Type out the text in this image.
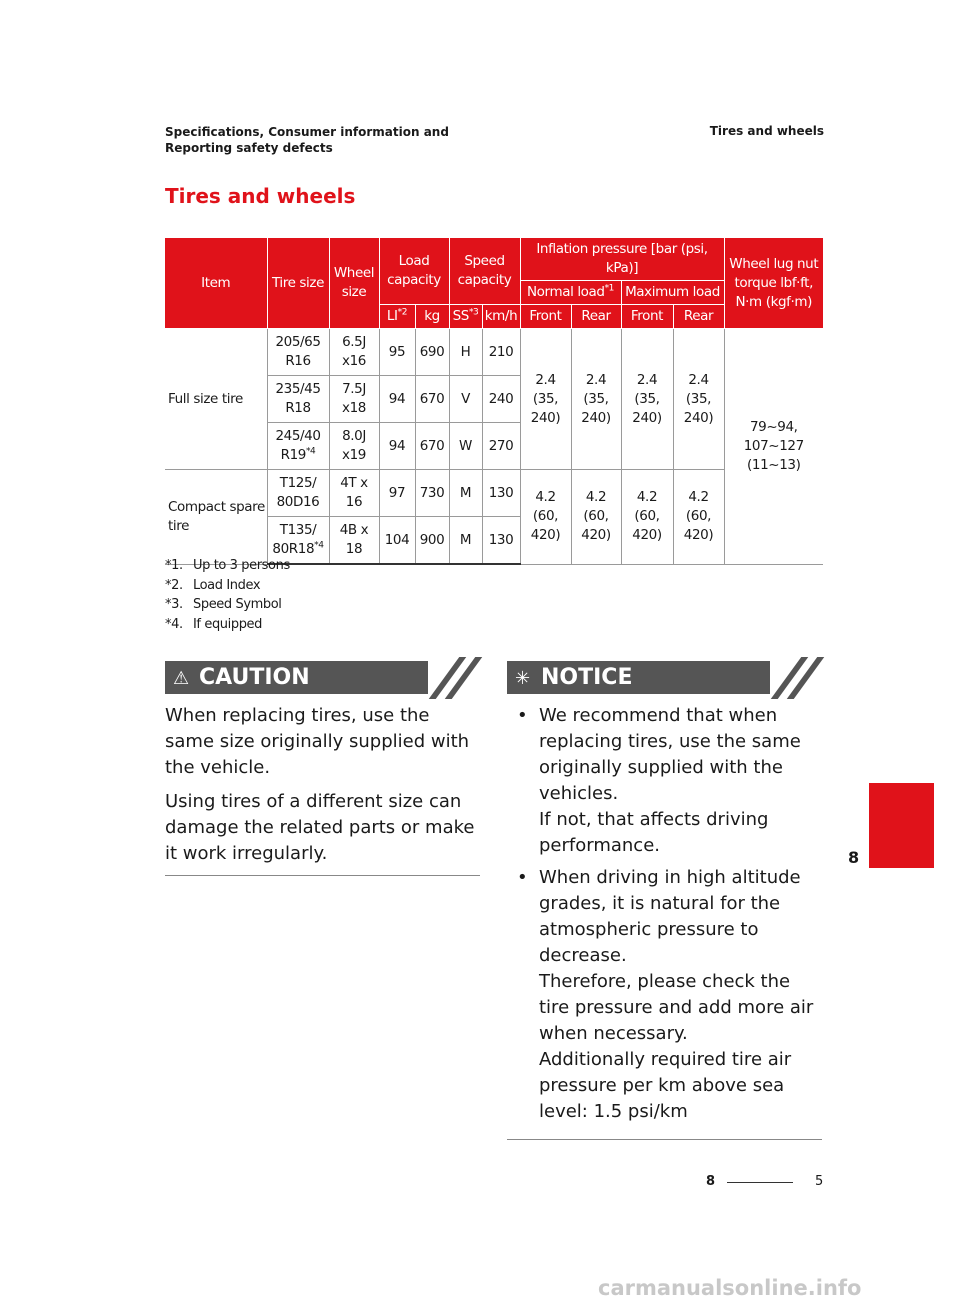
Specifications, Consumer information and Reporting safety defects
Tires and wheels
Tires and wheels
Item	Tire size	Wheel size	Load capacity		Speed capacity		Inflation pressure [bar (psi, kPa)]				Wheel lug nut torque lbf·ft, N·m (kgf·m)
							Normal load$^{*1}$		Maximum load		
			LI$^{*2}$	kg	SS$^{*3}$	km/h	Front	Rear	Front	Rear	
Full size tire	205/65 R16	6.5J x16	95	690	H	210	2.4 (35, 240)	2.4 (35, 240)	2.4 (35, 240)	2.4 (35, 240)	79~94, 107~127 (11~13)
	235/45 R18	7.5J x18	94	670	V	240					
	245/40 R19$^{*4}$	8.0J x19	94	670	W	270					
Compact spare tire	T125/ 80D16	4T x 16	97	730	M	130	4.2 (60, 420)	4.2 (60, 420)	4.2 (60, 420)	4.2 (60, 420)	
	T135/ 80R18$^{*4}$	4B x 18	104	900	M	130					
*1. Up to 3 persons
*2. Load Index
*3. Speed Symbol
*4. If equipped
⚠ CAUTION

When replacing tires, use the same size originally supplied with the vehicle.

Using tires of a different size can damage the related parts or make it work irregularly.

✳ NOTICE
• We recommend that when replacing tires, use the same originally supplied with the vehicles.
If not, that affects driving performance.
• When driving in high altitude grades, it is natural for the atmospheric pressure to decrease.
Therefore, please check the tire pressure and add more air when necessary.
Additionally required tire air pressure per km above sea level: 1.5 psi/km
8
8	5
carmanualsonline.info
